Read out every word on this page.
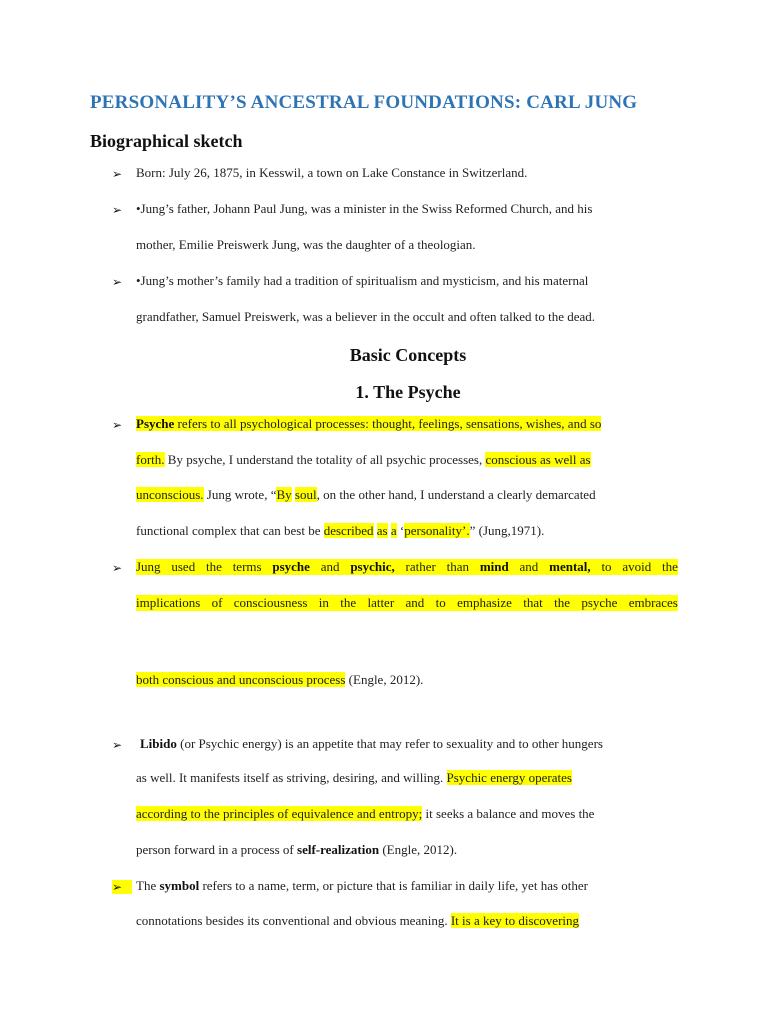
PERSONALITY’S ANCESTRAL FOUNDATIONS: CARL JUNG
Biographical sketch
➢ Born: July 26, 1875, in Kesswil, a town on Lake Constance in Switzerland.
➢ •Jung’s father, Johann Paul Jung, was a minister in the Swiss Reformed Church, and his
mother, Emilie Preiswerk Jung, was the daughter of a theologian.
➢ •Jung’s mother’s family had a tradition of spiritualism and mysticism, and his maternal
grandfather, Samuel Preiswerk, was a believer in the occult and often talked to the dead.
Basic Concepts
1. The Psyche
➢ Psyche refers to all psychological processes: thought, feelings, sensations, wishes, and so
forth. By psyche, I understand the totality of all psychic processes, conscious as well as
unconscious. Jung wrote, “By soul, on the other hand, I understand a clearly demarcated
functional complex that can best be described as a ‘personality’.” (Jung,1971).
➢ Jung used the terms psyche and psychic, rather than mind and mental, to avoid the
implications of consciousness in the latter and to emphasize that the psyche embraces
both conscious and unconscious process (Engle, 2012).
➢ Libido (or Psychic energy) is an appetite that may refer to sexuality and to other hungers
as well. It manifests itself as striving, desiring, and willing. Psychic energy operates
according to the principles of equivalence and entropy; it seeks a balance and moves the
person forward in a process of self-realization (Engle, 2012).
➢	The symbol refers to a name, term, or picture that is familiar in daily life, yet has other
connotations besides its conventional and obvious meaning. It is a key to discovering
